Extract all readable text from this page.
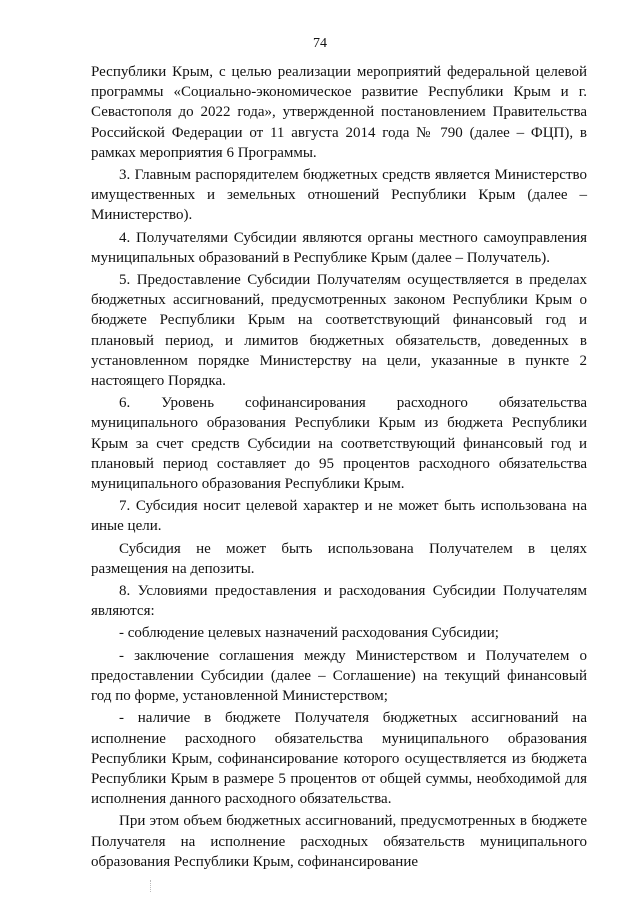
74

Республики Крым, с целью реализации мероприятий федеральной целевой программы «Социально-экономическое развитие Республики Крым и г. Севастополя до 2022 года», утвержденной постановлением Правительства Российской Федерации от 11 августа 2014 года № 790 (далее – ФЦП), в рамках мероприятия 6 Программы.

3. Главным распорядителем бюджетных средств является Министерство имущественных и земельных отношений Республики Крым (далее – Министерство).

4. Получателями Субсидии являются органы местного самоуправления муниципальных образований в Республике Крым (далее – Получатель).

5. Предоставление Субсидии Получателям осуществляется в пределах бюджетных ассигнований, предусмотренных законом Республики Крым о бюджете Республики Крым на соответствующий финансовый год и плановый период, и лимитов бюджетных обязательств, доведенных в установленном порядке Министерству на цели, указанные в пункте 2 настоящего Порядка.

6. Уровень софинансирования расходного обязательства муниципального образования Республики Крым из бюджета Республики Крым за счет средств Субсидии на соответствующий финансовый год и плановый период составляет до 95 процентов расходного обязательства муниципального образования Республики Крым.

7. Субсидия носит целевой характер и не может быть использована на иные цели.

Субсидия не может быть использована Получателем в целях размещения на депозиты.

8. Условиями предоставления и расходования Субсидии Получателям являются:

- соблюдение целевых назначений расходования Субсидии;

- заключение соглашения между Министерством и Получателем о предоставлении Субсидии (далее – Соглашение) на текущий финансовый год по форме, установленной Министерством;

- наличие в бюджете Получателя бюджетных ассигнований на исполнение расходного обязательства муниципального образования Республики Крым, софинансирование которого осуществляется из бюджета Республики Крым в размере 5 процентов от общей суммы, необходимой для исполнения данного расходного обязательства.

При этом объем бюджетных ассигнований, предусмотренных в бюджете Получателя на исполнение расходных обязательств муниципального образования Республики Крым, софинансирование
